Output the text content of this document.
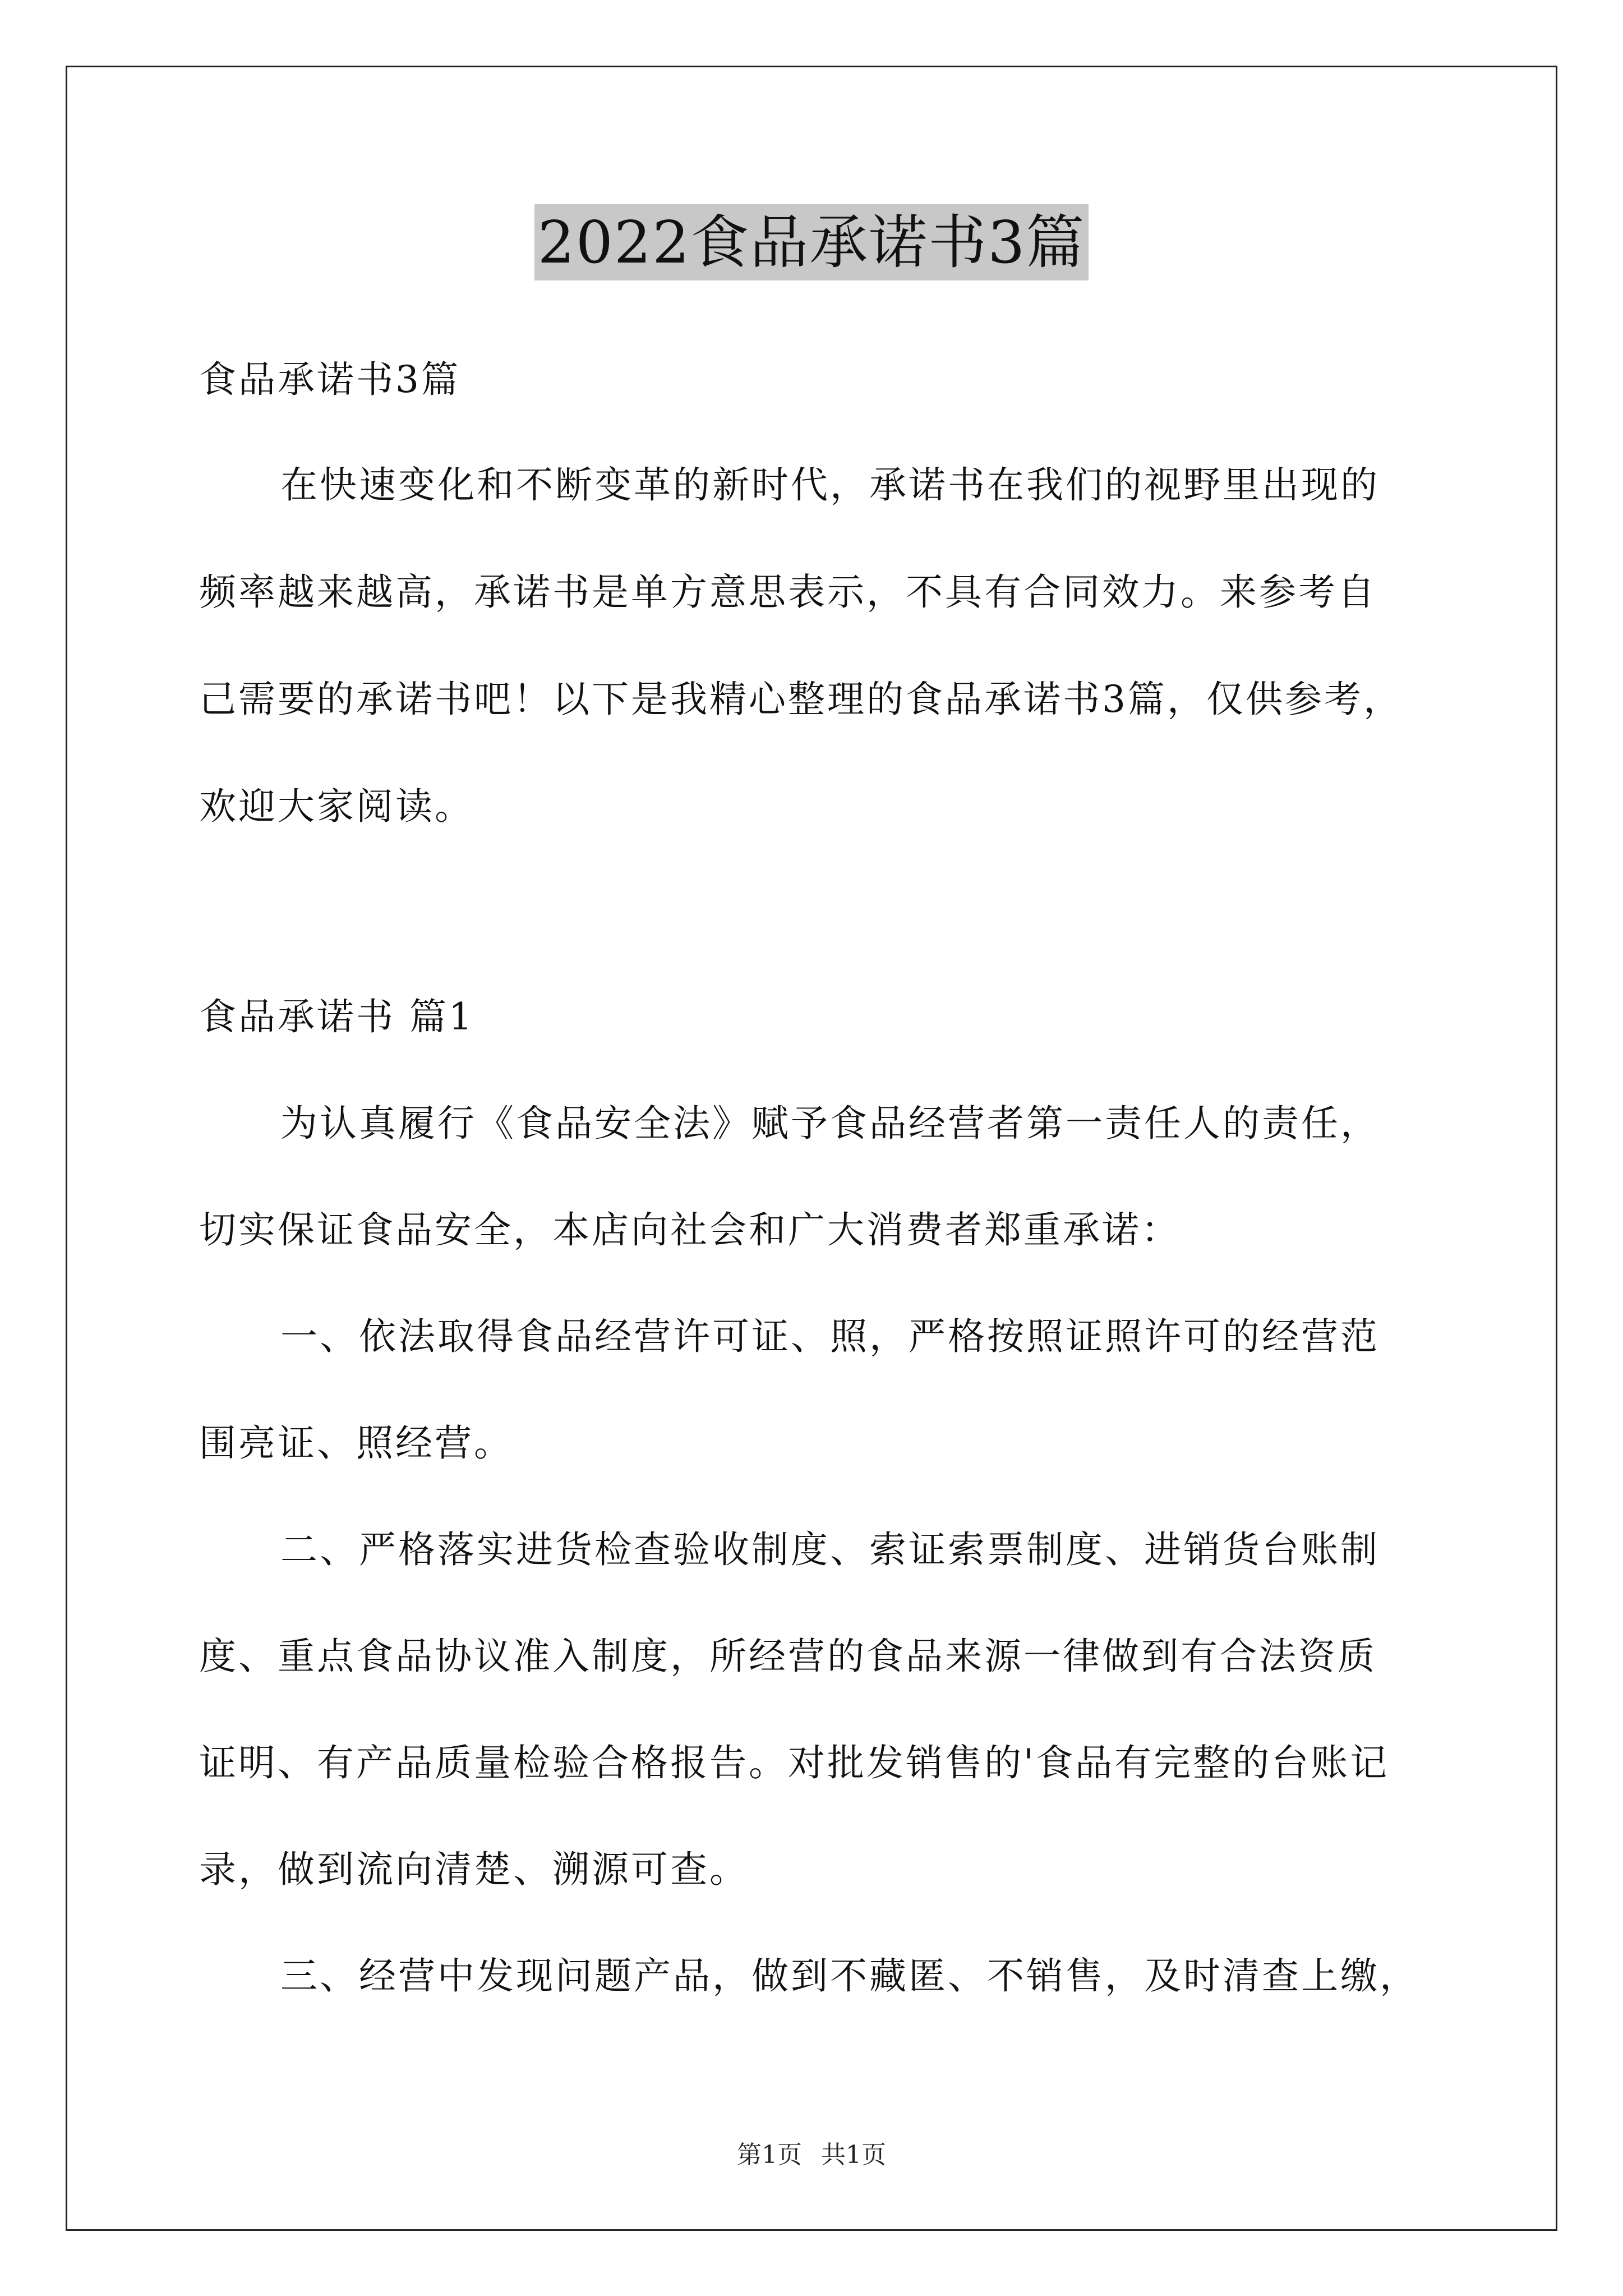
2022食品承诺书3篇
食品承诺书3篇
在快速变化和不断变革的新时代，承诺书在我们的视野里出现的
频率越来越高，承诺书是单方意思表示，不具有合同效力。来参考自
己需要的承诺书吧！以下是我精心整理的食品承诺书3篇，仅供参考，
欢迎大家阅读。
食品承诺书 篇1
为认真履行《食品安全法》赋予食品经营者第一责任人的责任，
切实保证食品安全，本店向社会和广大消费者郑重承诺：
一、依法取得食品经营许可证、照，严格按照证照许可的经营范
围亮证、照经营。
二、严格落实进货检查验收制度、索证索票制度、进销货台账制
度、重点食品协议准入制度，所经营的食品来源一律做到有合法资质
证明、有产品质量检验合格报告。对批发销售的'食品有完整的台账记
录，做到流向清楚、溯源可查。
三、经营中发现问题产品，做到不藏匿、不销售，及时清查上缴，
第1页 共1页
